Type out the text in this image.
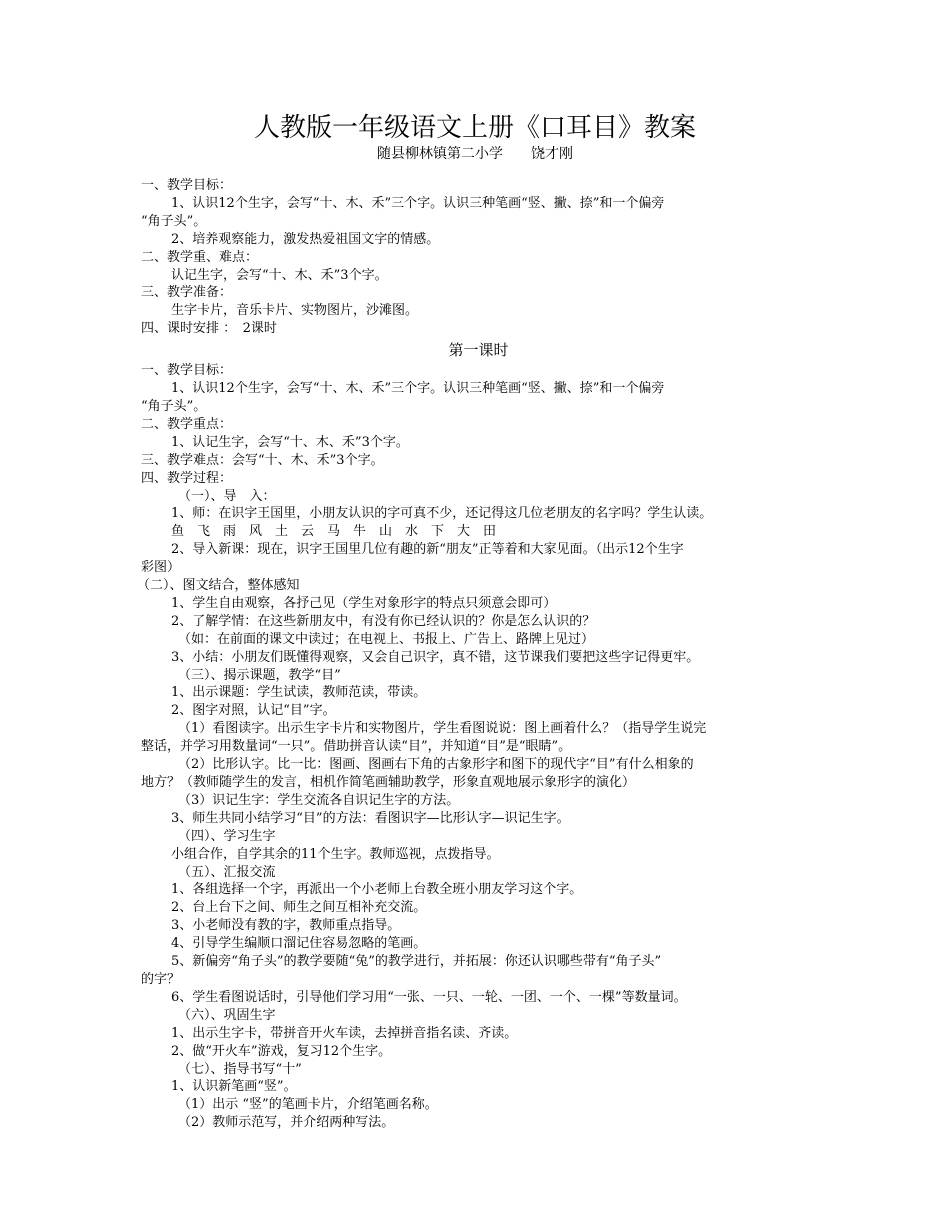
人教版一年级语文上册《口耳目》教案
随县柳林镇第二小学　　饶才刚

一、教学目标：

1、认识12个生字，会写“十、木、禾”三个字。认识三种笔画“竖、撇、捺”和一个偏旁

“角子头”。

2、培养观察能力，激发热爱祖国文字的情感。

二、教学重、难点：

认记生字，会写“十、木、禾”3个字。

三、教学准备：

生字卡片，音乐卡片、实物图片，沙滩图。

四、课时安排 ：　2课时

第一课时

一、教学目标：

1、认识12个生字，会写“十、木、禾”三个字。认识三种笔画“竖、撇、捺”和一个偏旁

“角子头”。

二、教学重点：

1、认记生字，会写“十、木、禾”3个字。

三、教学难点：会写“十、木、禾”3个字。

四、教学过程：

（一）、导　入：

1、师：在识字王国里，小朋友认识的字可真不少，还记得这几位老朋友的名字吗？学生认读。

鱼　飞　雨　风　土　云　马　牛　山　水　下　大　田

2、导入新课：现在，识字王国里几位有趣的新“朋友”正等着和大家见面。（出示12个生字

彩图）

（二）、图文结合，整体感知

1、学生自由观察，各抒己见（学生对象形字的特点只须意会即可）

2、了解学情：在这些新朋友中，有没有你已经认识的？你是怎么认识的？

（如：在前面的课文中读过；在电视上、书报上、广告上、路牌上见过）

3、小结：小朋友们既懂得观察，又会自己识字，真不错，这节课我们要把这些字记得更牢。

（三）、揭示课题，教学“目”

1、出示课题：学生试读，教师范读，带读。

2、图字对照，认记“目”字。

（1）看图读字。出示生字卡片和实物图片，学生看图说说：图上画着什么？（指导学生说完

整话，并学习用数量词“一只”。借助拼音认读“目”，并知道“目”是“眼睛”。

（2）比形认字。比一比：图画、图画右下角的古象形字和图下的现代字“目”有什么相象的

地方？（教师随学生的发言，相机作简笔画辅助教学，形象直观地展示象形字的演化）

（3）识记生字：学生交流各自识记生字的方法。

3、师生共同小结学习“目”的方法：看图识字—比形认字—识记生字。

（四）、学习生字

小组合作，自学其余的11个生字。教师巡视，点拨指导。

（五）、汇报交流

1、各组选择一个字，再派出一个小老师上台教全班小朋友学习这个字。

2、台上台下之间、师生之间互相补充交流。

3、小老师没有教的字，教师重点指导。

4、引导学生编顺口溜记住容易忽略的笔画。

5、新偏旁“角子头”的教学要随“兔”的教学进行，并拓展：你还认识哪些带有“角子头”

的字？

6、学生看图说话时，引导他们学习用“一张、一只、一轮、一团、一个、一棵”等数量词。

（六）、巩固生字

1、出示生字卡，带拼音开火车读，去掉拼音指名读、齐读。

2、做“开火车”游戏，复习12个生字。

（七）、指导书写“十”

1、认识新笔画“竖”。

（1）出示 “竖”的笔画卡片，介绍笔画名称。

（2）教师示范写，并介绍两种写法。
